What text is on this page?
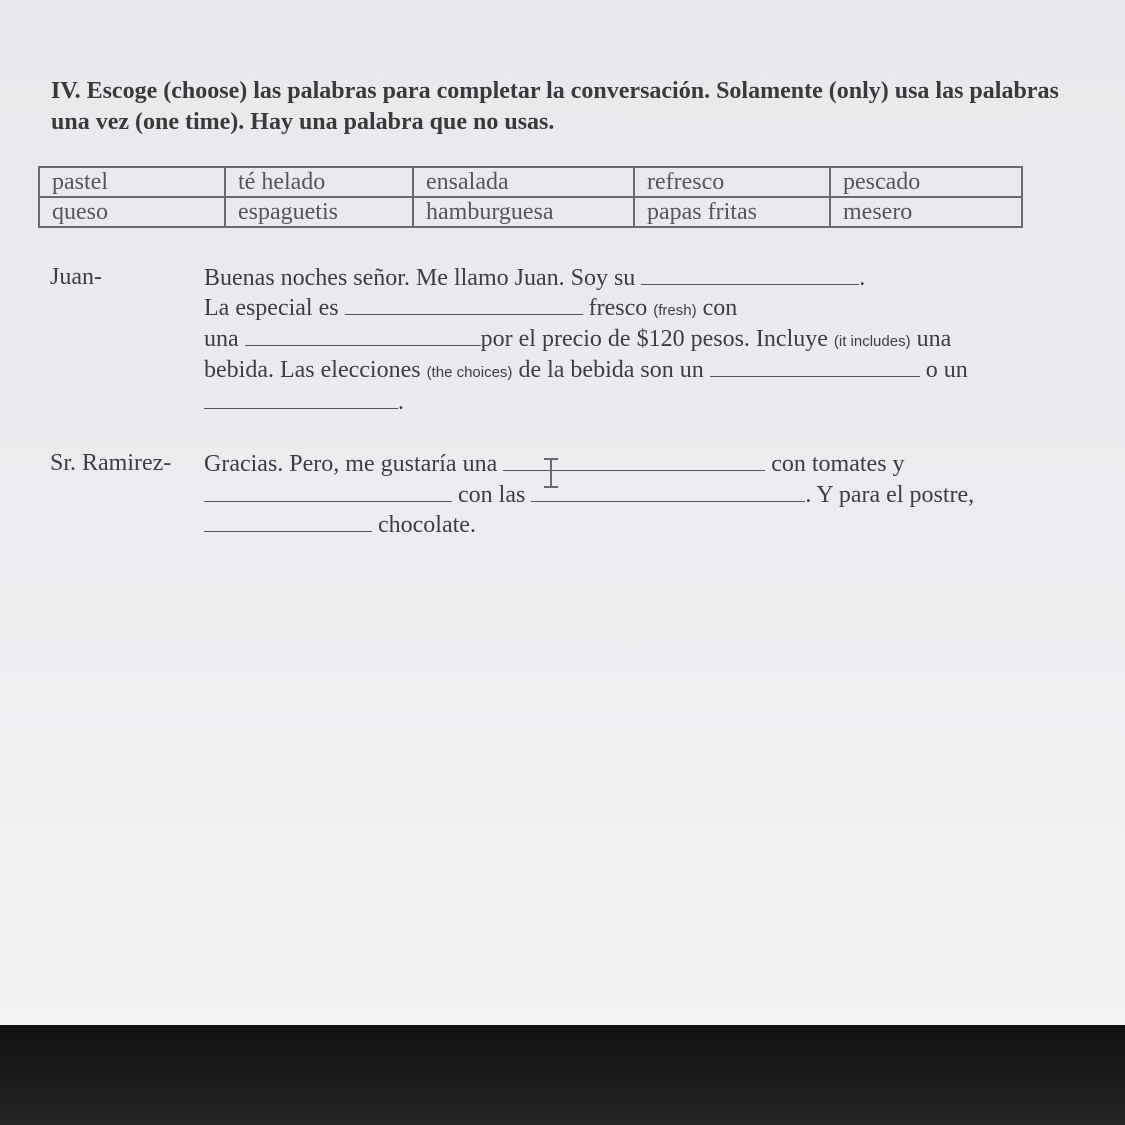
IV. Escoge (choose) las palabras para completar la conversación. Solamente (only) usa las palabras una vez (one time). Hay una palabra que no usas.

pastel	té helado	ensalada	refresco	pescado
queso	espaguetis	hamburguesa	papas fritas	mesero
Juan-	Buenas noches señor. Me llamo Juan. Soy su	.
La especial es	fresco (fresh) con
una	por el precio de $120 pesos. Incluye (it includes) una
bebida. Las elecciones (the choices) de la bebida son un	o un
.
Sr. Ramirez- Gracias. Pero, me gustaría una	con tomates y
con las	. Y para el postre,
chocolate.
